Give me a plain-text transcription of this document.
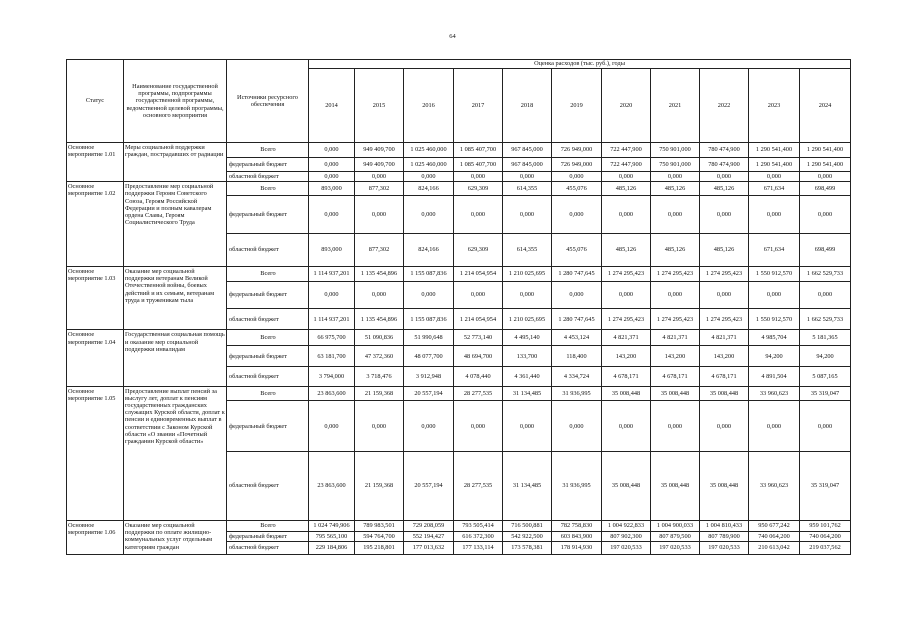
64
Статус	Наименование государственной программы, подпрограммы государственной программы, ведомственной целевой программы, основного мероприятия	Источники ресурсного обеспечения	Оценка расходов (тыс. руб.), годы										
			2014	2015	2016	2017	2018	2019	2020	2021	2022	2023	2024
Основное мероприятие 1.01	Меры социальной поддержки граждан, пострадавших от радиации	Всего	0,000	949 409,700	1 025 460,000	1 085 407,700	967 845,000	726 949,000	722 447,900	750 901,000	780 474,900	1 290 541,400	1 290 541,400
		федеральный бюджет	0,000	949 409,700	1 025 460,000	1 085 407,700	967 845,000	726 949,000	722 447,900	750 901,000	780 474,900	1 290 541,400	1 290 541,400
		областной бюджет	0,000	0,000	0,000	0,000	0,000	0,000	0,000	0,000	0,000	0,000	0,000
Основное мероприятие 1.02	Предоставление мер социальной поддержки Героям Советского Союза, Героям Российской Федерации и полным кавалерам ордена Славы, Героям Социалистического Труда	Всего	893,000	877,302	824,166	629,309	614,355	455,076	485,126	485,126	485,126	671,634	698,499
		федеральный бюджет	0,000	0,000	0,000	0,000	0,000	0,000	0,000	0,000	0,000	0,000	0,000
		областной бюджет	893,000	877,302	824,166	629,309	614,355	455,076	485,126	485,126	485,126	671,634	698,499
Основное мероприятие 1.03	Оказание мер социальной поддержки ветеранам Великой Отечественной войны, боевых действий и их семьям, ветеранам труда и труженикам тыла	Всего	1 114 937,201	1 135 454,896	1 155 087,836	1 214 054,954	1 210 025,695	1 280 747,645	1 274 295,423	1 274 295,423	1 274 295,423	1 550 912,570	1 662 529,733
		федеральный бюджет	0,000	0,000	0,000	0,000	0,000	0,000	0,000	0,000	0,000	0,000	0,000
		областной бюджет	1 114 937,201	1 135 454,896	1 155 087,836	1 214 054,954	1 210 025,695	1 280 747,645	1 274 295,423	1 274 295,423	1 274 295,423	1 550 912,570	1 662 529,733
Основное мероприятие 1.04	Государственная социальная помощь и оказание мер социальной поддержки инвалидам	Всего	66 975,700	51 090,836	51 990,648	52 773,140	4 495,140	4 453,124	4 821,371	4 821,371	4 821,371	4 985,704	5 181,365
		федеральный бюджет	63 181,700	47 372,360	48 077,700	48 694,700	133,700	118,400	143,200	143,200	143,200	94,200	94,200
		областной бюджет	3 794,000	3 718,476	3 912,948	4 078,440	4 361,440	4 334,724	4 678,171	4 678,171	4 678,171	4 891,504	5 087,165
Основное мероприятие 1.05	Предоставление выплат пенсий за выслугу лет, доплат к пенсиям государственных гражданских служащих Курской области, доплат к пенсии и единовременных выплат в соответствии с Законом Курской области «О звании «Почетный гражданин Курской области»	Всего	23 863,600	21 159,368	20 557,194	28 277,535	31 134,485	31 936,995	35 008,448	35 008,448	35 008,448	33 960,623	35 319,047
		федеральный бюджет	0,000	0,000	0,000	0,000	0,000	0,000	0,000	0,000	0,000	0,000	0,000
		областной бюджет	23 863,600	21 159,368	20 557,194	28 277,535	31 134,485	31 936,995	35 008,448	35 008,448	35 008,448	33 960,623	35 319,047
Основное мероприятие 1.06	Оказание мер социальной поддержки по оплате жилищно-коммунальных услуг отдельным категориям граждан	Всего	1 024 749,906	789 983,501	729 208,059	793 505,414	716 500,881	782 758,830	1 004 922,833	1 004 900,033	1 004 810,433	950 677,242	959 101,762
		федеральный бюджет	795 565,100	594 764,700	552 194,427	616 372,300	542 922,500	603 843,900	807 902,300	807 879,500	807 789,900	740 064,200	740 064,200
		областной бюджет	229 184,806	195 218,801	177 013,632	177 133,114	173 578,381	178 914,930	197 020,533	197 020,533	197 020,533	210 613,042	219 037,562
